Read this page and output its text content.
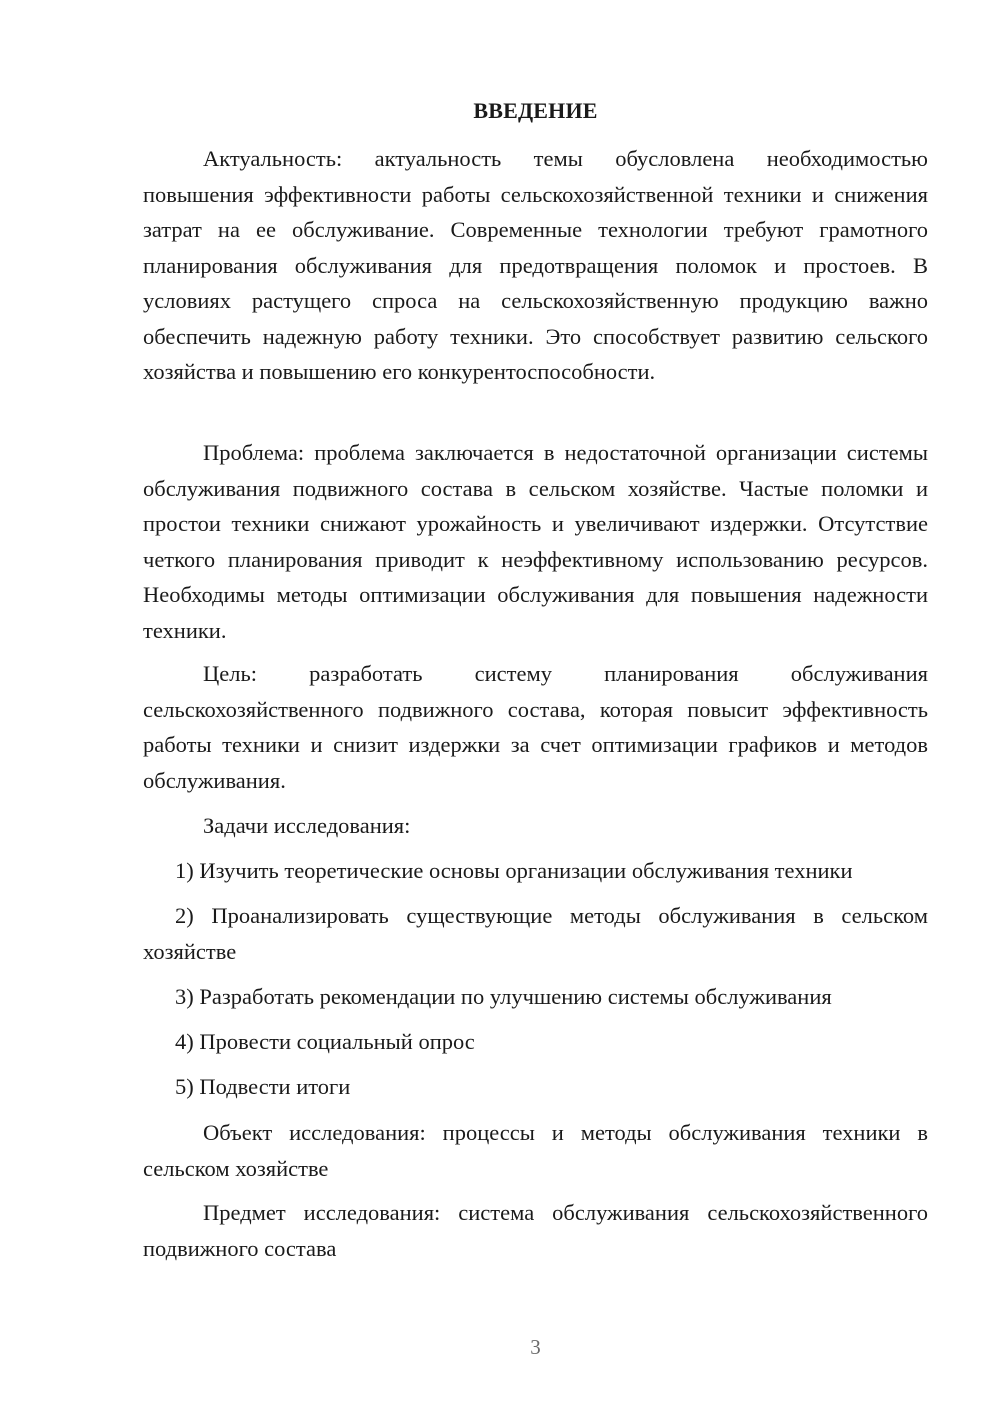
ВВЕДЕНИЕ

Актуальность: актуальность темы обусловлена необходимостью повышения эффективности работы сельскохозяйственной техники и снижения затрат на ее обслуживание. Современные технологии требуют грамотного планирования обслуживания для предотвращения поломок и простоев. В условиях растущего спроса на сельскохозяйственную продукцию важно обеспечить надежную работу техники. Это способствует развитию сельского хозяйства и повышению его конкурентоспособности.

Проблема: проблема заключается в недостаточной организации системы обслуживания подвижного состава в сельском хозяйстве. Частые поломки и простои техники снижают урожайность и увеличивают издержки. Отсутствие четкого планирования приводит к неэффективному использованию ресурсов. Необходимы методы оптимизации обслуживания для повышения надежности техники.

Цель: разработать систему планирования обслуживания сельскохозяйственного подвижного состава, которая повысит эффективность работы техники и снизит издержки за счет оптимизации графиков и методов обслуживания.

Задачи исследования:

1) Изучить теоретические основы организации обслуживания техники

2) Проанализировать существующие методы обслуживания в сельском хозяйстве

3) Разработать рекомендации по улучшению системы обслуживания

4) Провести социальный опрос

5) Подвести итоги

Объект исследования: процессы и методы обслуживания техники в сельском хозяйстве

Предмет исследования: система обслуживания сельскохозяйственного подвижного состава

3
